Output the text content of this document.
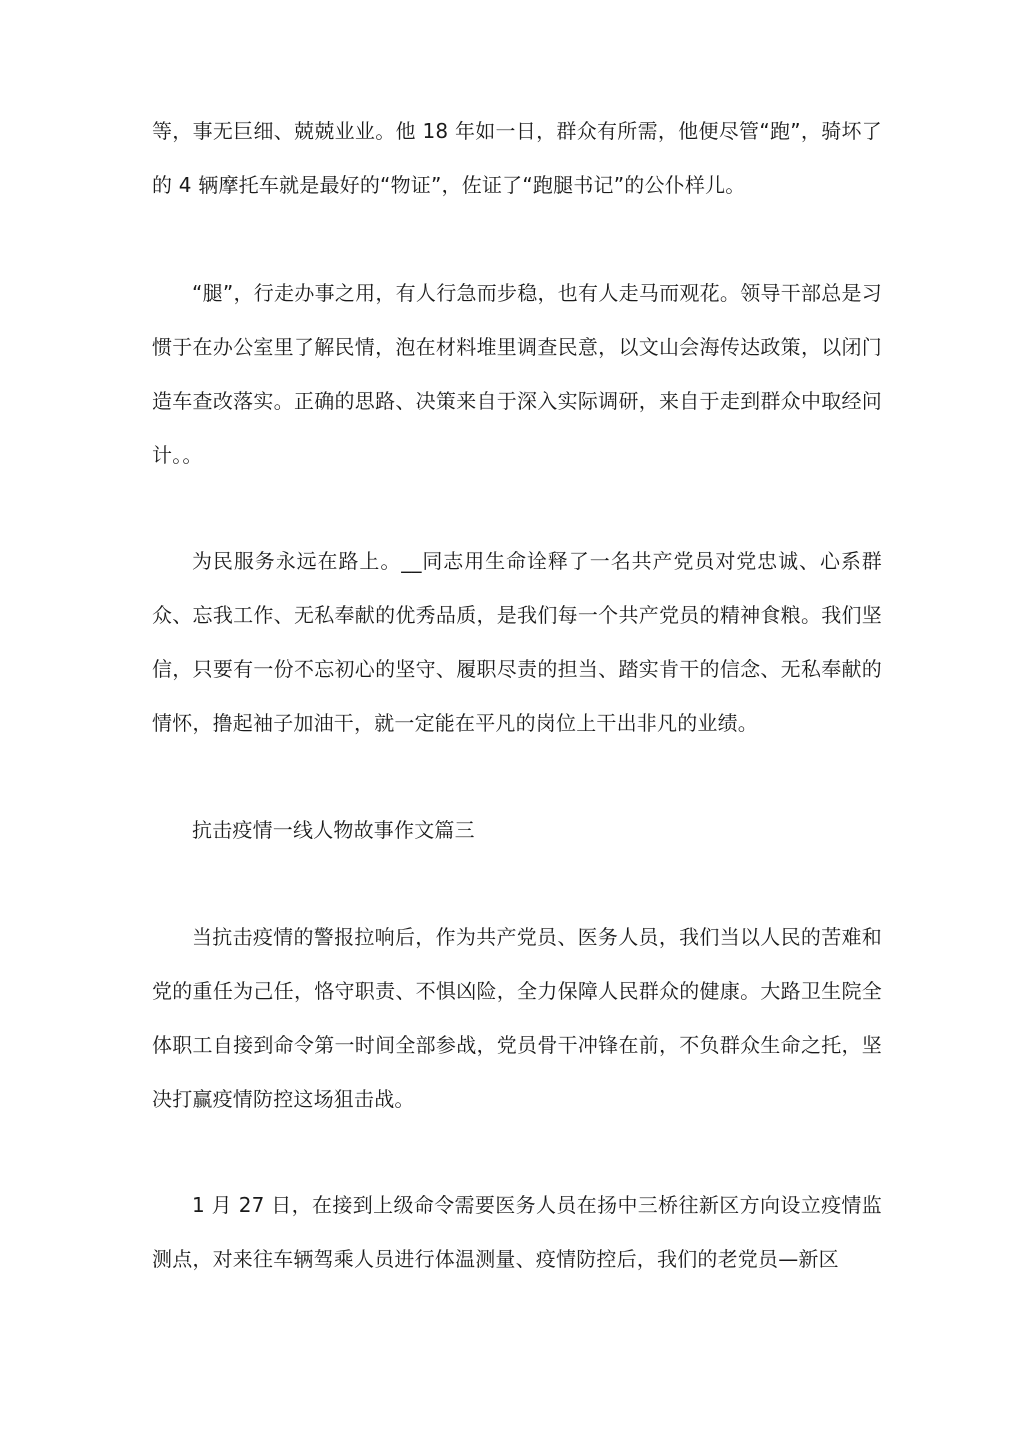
等，事无巨细、兢兢业业。他 18 年如一日，群众有所需，他便尽管“跑”，骑坏了的 4 辆摩托车就是最好的“物证”，佐证了“跑腿书记”的公仆样儿。

“腿”，行走办事之用，有人行急而步稳，也有人走马而观花。领导干部总是习惯于在办公室里了解民情，泡在材料堆里调查民意，以文山会海传达政策，以闭门造车查改落实。正确的思路、决策来自于深入实际调研，来自于走到群众中取经问计。。

为民服务永远在路上。__同志用生命诠释了一名共产党员对党忠诚、心系群众、忘我工作、无私奉献的优秀品质，是我们每一个共产党员的精神食粮。我们坚信，只要有一份不忘初心的坚守、履职尽责的担当、踏实肯干的信念、无私奉献的情怀，撸起袖子加油干，就一定能在平凡的岗位上干出非凡的业绩。

抗击疫情一线人物故事作文篇三

当抗击疫情的警报拉响后，作为共产党员、医务人员，我们当以人民的苦难和党的重任为己任，恪守职责、不惧凶险，全力保障人民群众的健康。大路卫生院全体职工自接到命令第一时间全部参战，党员骨干冲锋在前，不负群众生命之托，坚决打赢疫情防控这场狙击战。

1 月 27 日，在接到上级命令需要医务人员在扬中三桥往新区方向设立疫情监测点，对来往车辆驾乘人员进行体温测量、疫情防控后，我们的老党员—新区
